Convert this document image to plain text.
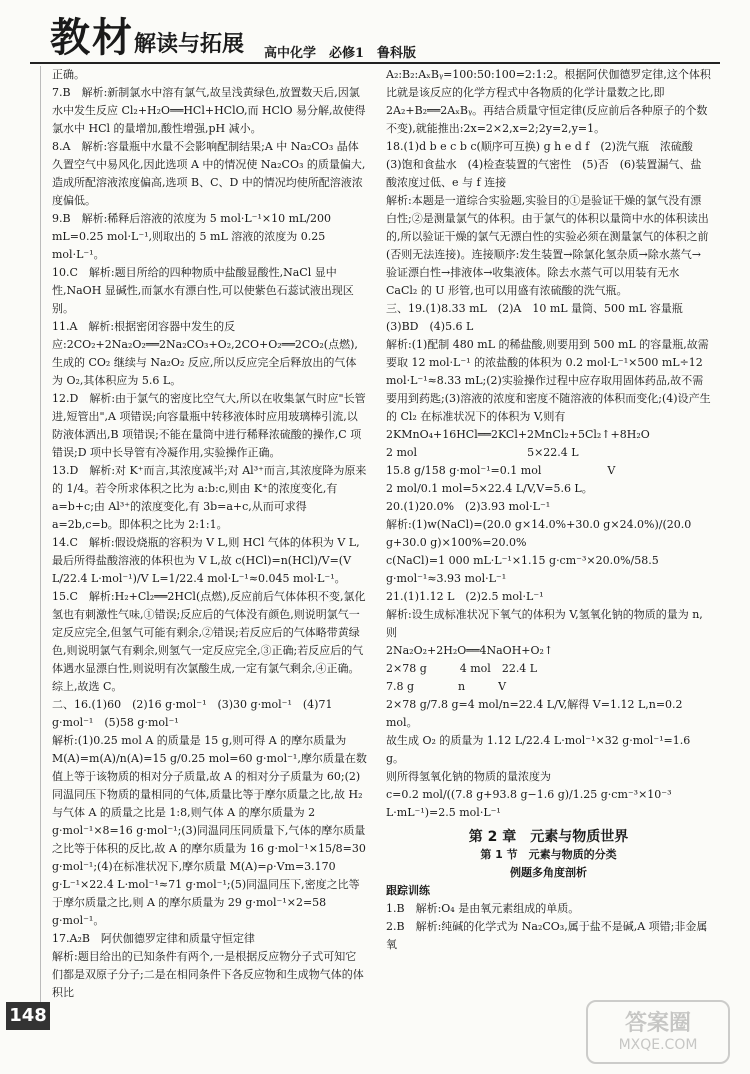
教材解读与拓展 高中化学　必修1　鲁科版

正确。

7.B　解析:新制氯水中溶有氯气,故呈浅黄绿色,放置数天后,因氯水中发生反应 Cl₂+H₂O══HCl+HClO,而 HClO 易分解,故使得氯水中 HCl 的量增加,酸性增强,pH 减小。

8.A　解析:容量瓶中水量不会影响配制结果;A 中 Na₂CO₃ 晶体久置空气中易风化,因此选项 A 中的情况使 Na₂CO₃ 的质量偏大,造成所配溶液浓度偏高,选项 B、C、D 中的情况均使所配溶液浓度偏低。

9.B　解析:稀释后溶液的浓度为 5 mol·L⁻¹×10 mL/200 mL=0.25 mol·L⁻¹,则取出的 5 mL 溶液的浓度为 0.25 mol·L⁻¹。

10.C　解析:题目所给的四种物质中盐酸显酸性,NaCl 显中性,NaOH 显碱性,而氯水有漂白性,可以使紫色石蕊试液出现区别。

11.A　解析:根据密闭容器中发生的反应:2CO₂+2Na₂O₂══2Na₂CO₃+O₂,2CO+O₂══2CO₂(点燃),生成的 CO₂ 继续与 Na₂O₂ 反应,所以反应完全后释放出的气体为 O₂,其体积应为 5.6 L。

12.D　解析:由于氯气的密度比空气大,所以在收集氯气时应"长管进,短管出",A 项错误;向容量瓶中转移液体时应用玻璃棒引流,以防液体洒出,B 项错误;不能在量筒中进行稀释浓硫酸的操作,C 项错误;D 项中长导管有冷凝作用,实验操作正确。

13.D　解析:对 K⁺而言,其浓度减半;对 Al³⁺而言,其浓度降为原来的 1/4。若令所求体积之比为 a:b:c,则由 K⁺的浓度变化,有 a=b+c;由 Al³⁺的浓度变化,有 3b=a+c,从而可求得 a=2b,c=b。即体积之比为 2:1:1。

14.C　解析:假设烧瓶的容积为 V L,则 HCl 气体的体积为 V L,最后所得盐酸溶液的体积也为 V L,故 c(HCl)=n(HCl)/V=(V L/22.4 L·mol⁻¹)/V L=1/22.4 mol·L⁻¹≈0.045 mol·L⁻¹。

15.C　解析:H₂+Cl₂══2HCl(点燃),反应前后气体体积不变,氯化氢也有刺激性气味,①错误;反应后的气体没有颜色,则说明氯气一定反应完全,但氢气可能有剩余,②错误;若反应后的气体略带黄绿色,则说明氯气有剩余,则氢气一定反应完全,③正确;若反应后的气体遇水显漂白性,则说明有次氯酸生成,一定有氯气剩余,④正确。综上,故选 C。

二、16.(1)60　(2)16 g·mol⁻¹　(3)30 g·mol⁻¹　(4)71 g·mol⁻¹　(5)58 g·mol⁻¹

解析:(1)0.25 mol A 的质量是 15 g,则可得 A 的摩尔质量为 M(A)=m(A)/n(A)=15 g/0.25 mol=60 g·mol⁻¹,摩尔质量在数值上等于该物质的相对分子质量,故 A 的相对分子质量为 60;(2)同温同压下物质的量相同的气体,质量比等于摩尔质量之比,故 H₂ 与气体 A 的质量之比是 1:8,则气体 A 的摩尔质量为 2 g·mol⁻¹×8=16 g·mol⁻¹;(3)同温同压同质量下,气体的摩尔质量之比等于体积的反比,故 A 的摩尔质量为 16 g·mol⁻¹×15/8=30 g·mol⁻¹;(4)在标准状况下,摩尔质量 M(A)=ρ·Vm=3.170 g·L⁻¹×22.4 L·mol⁻¹≈71 g·mol⁻¹;(5)同温同压下,密度之比等于摩尔质量之比,则 A 的摩尔质量为 29 g·mol⁻¹×2=58 g·mol⁻¹。

17.A₂B　阿伏伽德罗定律和质量守恒定律

解析:题目给出的已知条件有两个,一是根据反应物分子式可知它们都是双原子分子;二是在相同条件下各反应物和生成物气体的体积比

A₂:B₂:AₓBᵧ=100:50:100=2:1:2。根据阿伏伽德罗定律,这个体积比就是该反应的化学方程式中各物质的化学计量数之比,即 2A₂+B₂══2AₓBᵧ。再结合质量守恒定律(反应前后各种原子的个数不变),就能推出:2x=2×2,x=2;2y=2,y=1。

18.(1)d b e c b c(顺序可互换) g h e d f　(2)洗气瓶　浓硫酸　(3)饱和食盐水　(4)检查装置的气密性　(5)否　(6)装置漏气、盐酸浓度过低、e 与 f 连接

解析:本题是一道综合实验题,实验目的①是验证干燥的氯气没有漂白性;②是测量氯气的体积。由于氯气的体积以量筒中水的体积读出的,所以验证干燥的氯气无漂白性的实验必须在测量氯气的体积之前(否则无法连接)。连接顺序:发生装置→除氯化氢杂质→除水蒸气→验证漂白性→排液体→收集液体。除去水蒸气可以用装有无水 CaCl₂ 的 U 形管,也可以用盛有浓硫酸的洗气瓶。

三、19.(1)8.33 mL　(2)A　10 mL 量筒、500 mL 容量瓶　(3)BD　(4)5.6 L

解析:(1)配制 480 mL 的稀盐酸,则要用到 500 mL 的容量瓶,故需要取 12 mol·L⁻¹ 的浓盐酸的体积为 0.2 mol·L⁻¹×500 mL÷12 mol·L⁻¹≈8.33 mL;(2)实验操作过程中应存取用固体药品,故不需要用到药匙;(3)溶液的浓度和密度不随溶液的体积而变化;(4)设产生的 Cl₂ 在标准状况下的体积为 V,则有

2KMnO₄+16HCl══2KCl+2MnCl₂+5Cl₂↑+8H₂O

2 mol　　　　　　　　　　5×22.4 L

15.8 g/158 g·mol⁻¹=0.1 mol　　　　　　V

2 mol/0.1 mol=5×22.4 L/V,V=5.6 L。

20.(1)20.0%　(2)3.93 mol·L⁻¹

解析:(1)w(NaCl)=(20.0 g×14.0%+30.0 g×24.0%)/(20.0 g+30.0 g)×100%=20.0%

c(NaCl)=1 000 mL·L⁻¹×1.15 g·cm⁻³×20.0%/58.5 g·mol⁻¹≈3.93 mol·L⁻¹

21.(1)1.12 L　(2)2.5 mol·L⁻¹

解析:设生成标准状况下氧气的体积为 V,氢氧化钠的物质的量为 n,则

2Na₂O₂+2H₂O══4NaOH+O₂↑

2×78 g　　　4 mol　22.4 L

7.8 g　　　　n　　　V

2×78 g/7.8 g=4 mol/n=22.4 L/V,解得 V=1.12 L,n=0.2 mol。

故生成 O₂ 的质量为 1.12 L/22.4 L·mol⁻¹×32 g·mol⁻¹=1.6 g。

则所得氢氧化钠的物质的量浓度为

c=0.2 mol/((7.8 g+93.8 g−1.6 g)/1.25 g·cm⁻³×10⁻³ L·mL⁻¹)=2.5 mol·L⁻¹

第 2 章　元素与物质世界
第 1 节　元素与物质的分类
例题多角度剖析

跟踪训练

1.B　解析:O₄ 是由氧元素组成的单质。

2.B　解析:纯碱的化学式为 Na₂CO₃,属于盐不是碱,A 项错;非金属氧

148	答案圈
MXQE.COM
